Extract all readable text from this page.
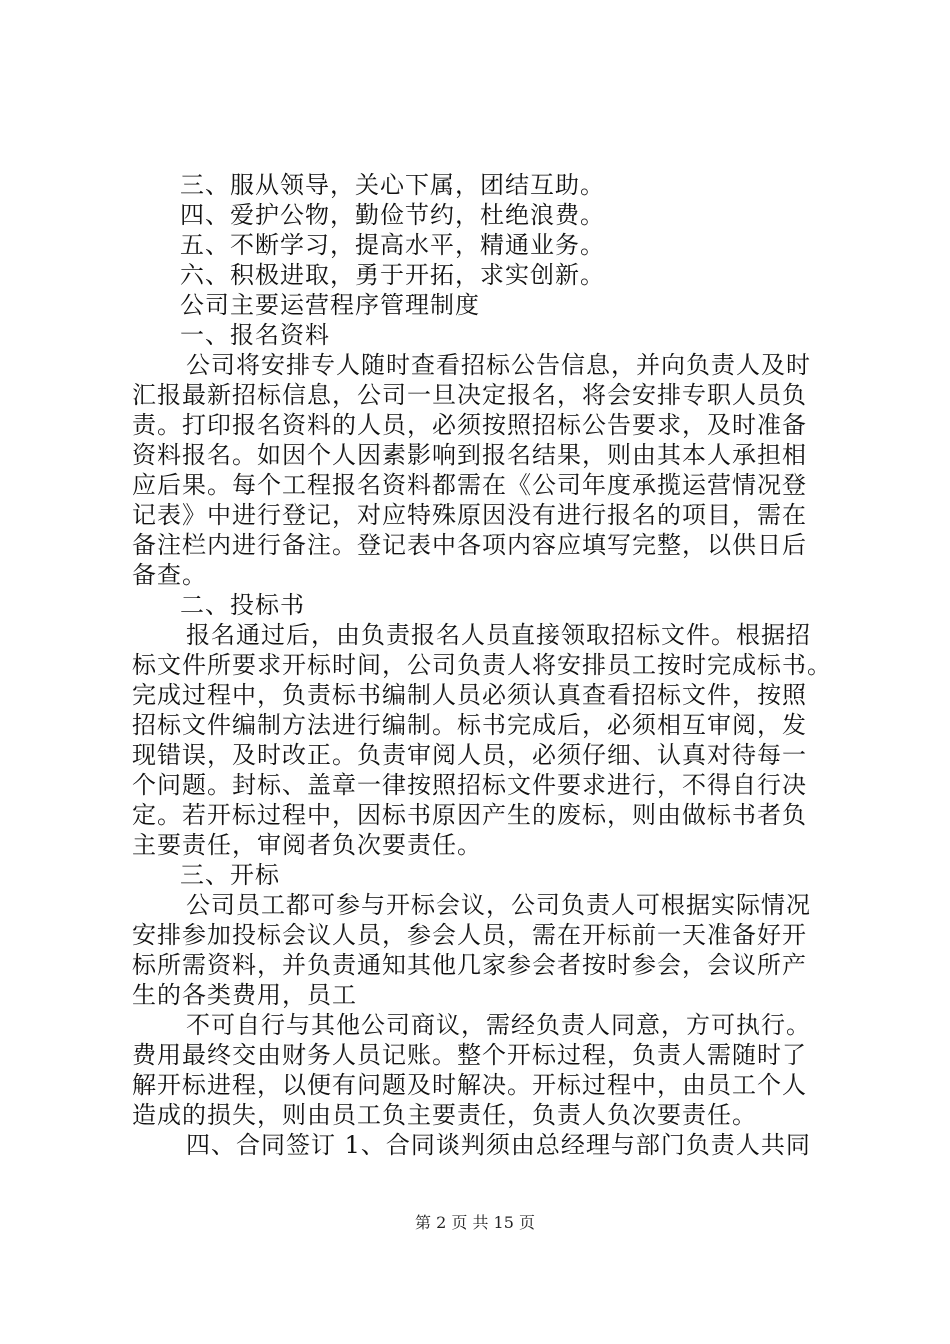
三、服从领导，关心下属，团结互助。
四、爱护公物，勤俭节约，杜绝浪费。
五、不断学习，提高水平，精通业务。
六、积极进取，勇于开拓，求实创新。
公司主要运营程序管理制度
一、报名资料
公司将安排专人随时查看招标公告信息，并向负责人及时
汇报最新招标信息，公司一旦决定报名，将会安排专职人员负
责。打印报名资料的人员，必须按照招标公告要求，及时准备
资料报名。如因个人因素影响到报名结果，则由其本人承担相
应后果。每个工程报名资料都需在《公司年度承揽运营情况登
记表》中进行登记，对应特殊原因没有进行报名的项目，需在
备注栏内进行备注。登记表中各项内容应填写完整，以供日后
备查。
二、投标书
报名通过后，由负责报名人员直接领取招标文件。根据招
标文件所要求开标时间，公司负责人将安排员工按时完成标书。
完成过程中，负责标书编制人员必须认真查看招标文件，按照
招标文件编制方法进行编制。标书完成后，必须相互审阅，发
现错误，及时改正。负责审阅人员，必须仔细、认真对待每一
个问题。封标、盖章一律按照招标文件要求进行，不得自行决
定。若开标过程中，因标书原因产生的废标，则由做标书者负
主要责任，审阅者负次要责任。
三、开标
公司员工都可参与开标会议，公司负责人可根据实际情况
安排参加投标会议人员，参会人员，需在开标前一天准备好开
标所需资料，并负责通知其他几家参会者按时参会，会议所产
生的各类费用，员工
不可自行与其他公司商议，需经负责人同意，方可执行。
费用最终交由财务人员记账。整个开标过程，负责人需随时了
解开标进程，以便有问题及时解决。开标过程中，由员工个人
造成的损失，则由员工负主要责任，负责人负次要责任。
四、合同签订 1、合同谈判须由总经理与部门负责人共同
第 2 页 共 15 页
